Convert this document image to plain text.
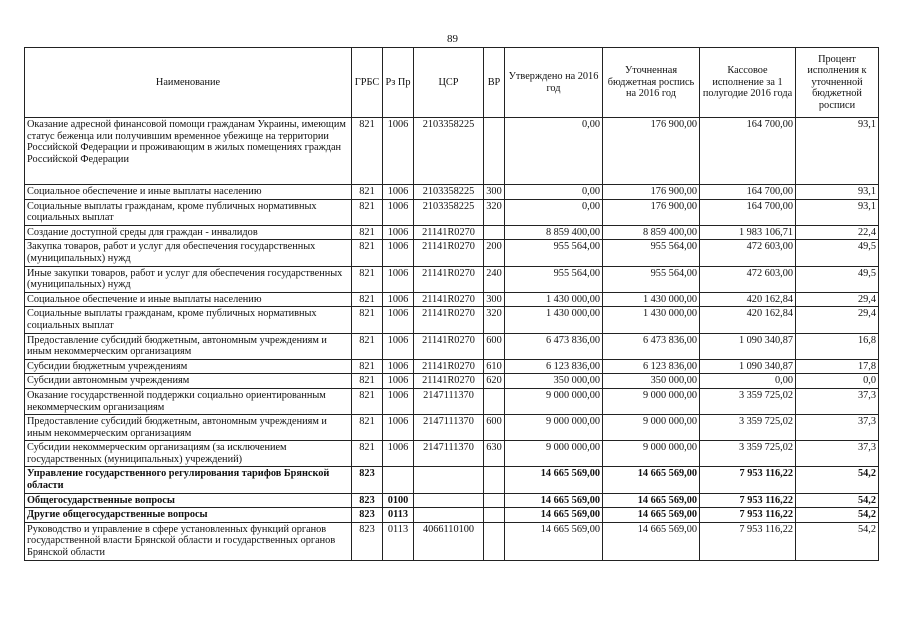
89
Наименование	ГРБС	Рз Пр	ЦСР	ВР	Утверждено на 2016 год	Уточненная бюджетная роспись на 2016 год	Кассовое исполнение за 1 полугодие 2016 года	Процент исполнения к уточненной бюджетной росписи
Оказание адресной финансовой помощи гражданам Украины, имеющим статус беженца или получившим временное убежище на территории Российской Федерации и проживающим в жилых помещениях граждан Российской Федерации	821	1006	2103358225		0,00	176 900,00	164 700,00	93,1
Социальное обеспечение и иные выплаты населению	821	1006	2103358225	300	0,00	176 900,00	164 700,00	93,1
Социальные выплаты гражданам, кроме публичных нормативных социальных выплат	821	1006	2103358225	320	0,00	176 900,00	164 700,00	93,1
Создание доступной среды для граждан - инвалидов	821	1006	21141R0270		8 859 400,00	8 859 400,00	1 983 106,71	22,4
Закупка товаров, работ и услуг для обеспечения государственных (муниципальных) нужд	821	1006	21141R0270	200	955 564,00	955 564,00	472 603,00	49,5
Иные закупки товаров, работ и услуг для обеспечения государственных (муниципальных) нужд	821	1006	21141R0270	240	955 564,00	955 564,00	472 603,00	49,5
Социальное обеспечение и иные выплаты населению	821	1006	21141R0270	300	1 430 000,00	1 430 000,00	420 162,84	29,4
Социальные выплаты гражданам, кроме публичных нормативных социальных выплат	821	1006	21141R0270	320	1 430 000,00	1 430 000,00	420 162,84	29,4
Предоставление субсидий бюджетным, автономным учреждениям и иным некоммерческим организациям	821	1006	21141R0270	600	6 473 836,00	6 473 836,00	1 090 340,87	16,8
Субсидии бюджетным учреждениям	821	1006	21141R0270	610	6 123 836,00	6 123 836,00	1 090 340,87	17,8
Субсидии автономным учреждениям	821	1006	21141R0270	620	350 000,00	350 000,00	0,00	0,0
Оказание государственной поддержки социально ориентированным некоммерческим организациям	821	1006	2147111370		9 000 000,00	9 000 000,00	3 359 725,02	37,3
Предоставление субсидий бюджетным, автономным учреждениям и иным некоммерческим организациям	821	1006	2147111370	600	9 000 000,00	9 000 000,00	3 359 725,02	37,3
Субсидии некоммерческим организациям (за исключением государственных (муниципальных) учреждений)	821	1006	2147111370	630	9 000 000,00	9 000 000,00	3 359 725,02	37,3
Управление государственного регулирования тарифов Брянской области	823				14 665 569,00	14 665 569,00	7 953 116,22	54,2
Общегосударственные вопросы	823	0100			14 665 569,00	14 665 569,00	7 953 116,22	54,2
Другие общегосударственные вопросы	823	0113			14 665 569,00	14 665 569,00	7 953 116,22	54,2
Руководство и управление в сфере установленных функций органов государственной власти Брянской области и государственных органов Брянской области	823	0113	4066110100		14 665 569,00	14 665 569,00	7 953 116,22	54,2
